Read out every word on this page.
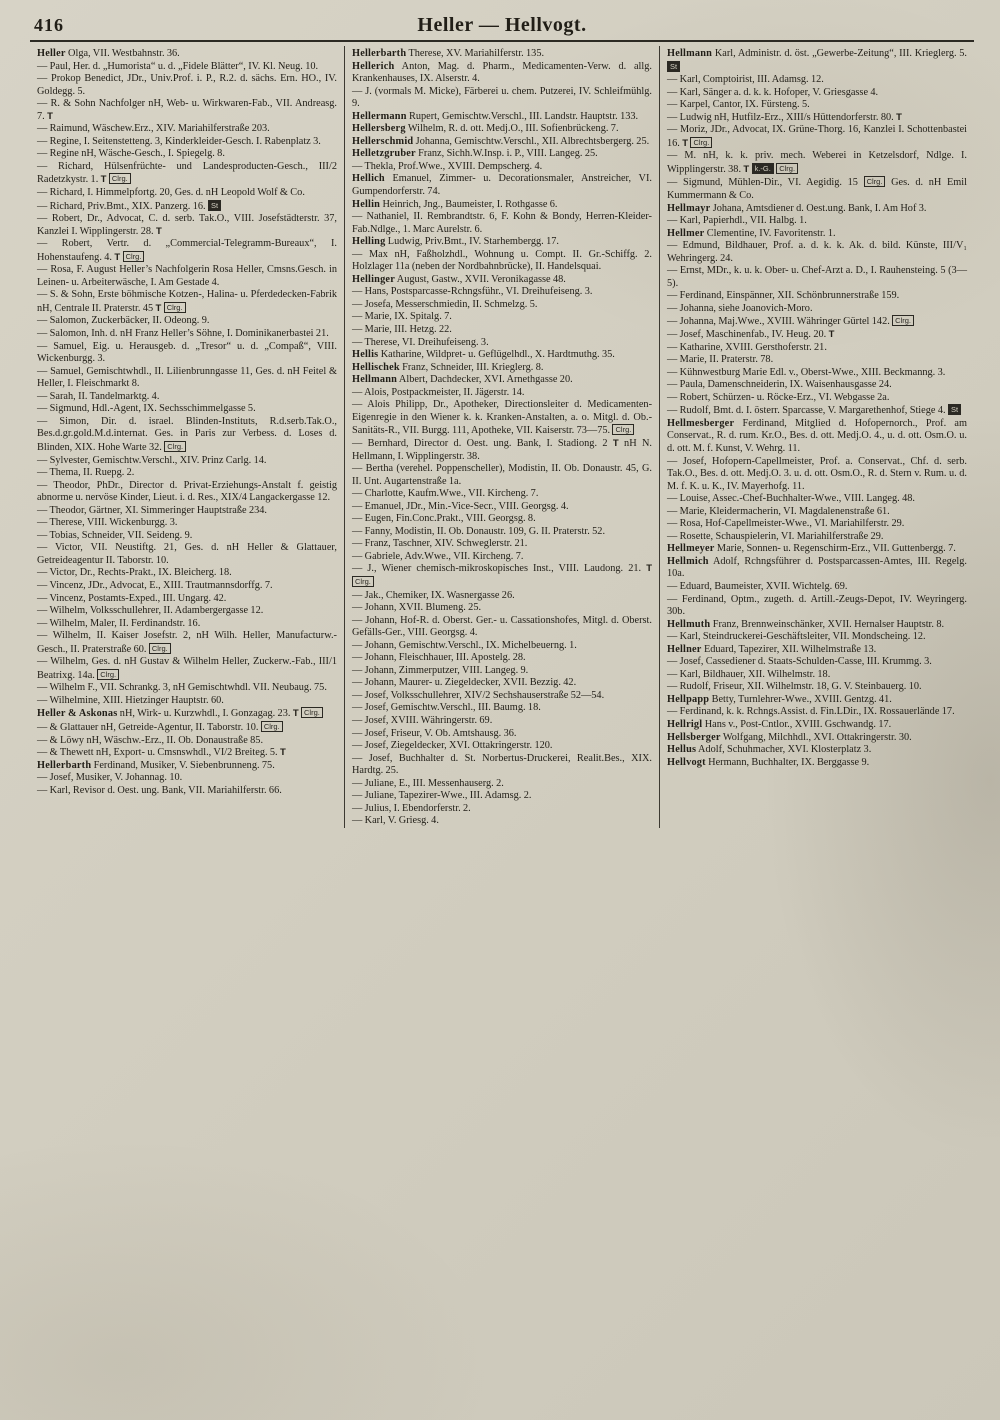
416	Heller — Hellvogt.

Heller Olga, VII. Westbahnstr. 36.

— Paul, Her. d. „Humorista“ u. d. „Fidele Blätter“, IV. Kl. Neug. 10.

— Prokop Benedict, JDr., Univ.Prof. i. P., R.2. d. sächs. Ern. HO., IV. Goldegg. 5.

— R. & Sohn Nachfolger nH, Web- u. Wirkwaren-Fab., VII. Andreasg. 7. T

— Raimund, Wäschew.Erz., XIV. Mariahilferstraße 203.

— Regine, I. Seitenstetteng. 3, Kinderkleider-Gesch. I. Rabenplatz 3.

— Regine nH, Wäsche-Gesch., I. Spiegelg. 8.

— Richard, Hülsenfrüchte- und Landesproducten-Gesch., III/2 Radetzkystr. 1. T Clrg.

— Richard, I. Himmelpfortg. 20, Ges. d. nH Leopold Wolf & Co.

— Richard, Priv.Bmt., XIX. Panzerg. 16. St

— Robert, Dr., Advocat, C. d. serb. Tak.O., VIII. Josefstädterstr. 37, Kanzlei I. Wipplingerstr. 28. T

— Robert, Vertr. d. „Commercial-Telegramm-Bureaux“, I. Hohenstaufeng. 4. T Clrg.

— Rosa, F. August Heller’s Nachfolgerin Rosa Heller, Cmsns.Gesch. in Leinen- u. Arbeiterwäsche, I. Am Gestade 4.

— S. & Sohn, Erste böhmische Kotzen-, Halina- u. Pferdedecken-Fabrik nH, Centrale II. Praterstr. 45 T Clrg.

— Salomon, Zuckerbäcker, II. Odeong. 9.

— Salomon, Inh. d. nH Franz Heller’s Söhne, I. Dominikanerbastei 21.

— Samuel, Eig. u. Herausgeb. d. „Tresor“ u. d. „Compaß“, VIII. Wickenburgg. 3.

— Samuel, Gemischtwhdl., II. Lilienbrunngasse 11, Ges. d. nH Feitel & Heller, I. Fleischmarkt 8.

— Sarah, II. Tandelmarktg. 4.

— Sigmund, Hdl.-Agent, IX. Sechsschimmelgasse 5.

— Simon, Dir. d. israel. Blinden-Instituts, R.d.serb.Tak.O., Bes.d.gr.gold.M.d.internat. Ges. in Paris zur Verbess. d. Loses d. Blinden, XIX. Hohe Warte 32. Clrg.

— Sylvester, Gemischtw.Verschl., XIV. Prinz Carlg. 14.

— Thema, II. Ruepg. 2.

— Theodor, PhDr., Director d. Privat-Erziehungs-Anstalt f. geistig abnorme u. nervöse Kinder, Lieut. i. d. Res., XIX/4 Langackergasse 12.

— Theodor, Gärtner, XI. Simmeringer Hauptstraße 234.

— Therese, VIII. Wickenburgg. 3.

— Tobias, Schneider, VII. Seideng. 9.

— Victor, VII. Neustiftg. 21, Ges. d. nH Heller & Glattauer, Getreideagentur II. Taborstr. 10.

— Victor, Dr., Rechts-Prakt., IX. Bleicherg. 18.

— Vincenz, JDr., Advocat, E., XIII. Trautmannsdorffg. 7.

— Vincenz, Postamts-Exped., III. Ungarg. 42.

— Wilhelm, Volksschullehrer, II. Adambergergasse 12.

— Wilhelm, Maler, II. Ferdinandstr. 16.

— Wilhelm, II. Kaiser Josefstr. 2, nH Wilh. Heller, Manufacturw.-Gesch., II. Praterstraße 60. Clrg.

— Wilhelm, Ges. d. nH Gustav & Wilhelm Heller, Zuckerw.-Fab., III/1 Beatrixg. 14a. Clrg.

— Wilhelm F., VII. Schrankg. 3, nH Gemischtwhdl. VII. Neubaug. 75.

— Wilhelmine, XIII. Hietzinger Hauptstr. 60.

Heller & Askonas nH, Wirk- u. Kurzwhdl., I. Gonzagag. 23. T Clrg.

— & Glattauer nH, Getreide-Agentur, II. Taborstr. 10. Clrg.

— & Löwy nH, Wäschw.-Erz., II. Ob. Donaustraße 85.

— & Thewett nH, Export- u. Cmsnswhdl., VI/2 Breiteg. 5. T

Hellerbarth Ferdinand, Musiker, V. Siebenbrunneng. 75.

— Josef, Musiker, V. Johannag. 10.

— Karl, Revisor d. Oest. ung. Bank, VII. Mariahilferstr. 66.

Hellerbarth Therese, XV. Mariahilferstr. 135.

Hellerich Anton, Mag. d. Pharm., Medicamenten-Verw. d. allg. Krankenhauses, IX. Alserstr. 4.

— J. (vormals M. Micke), Färberei u. chem. Putzerei, IV. Schleifmühlg. 9.

Hellermann Rupert, Gemischtw.Verschl., III. Landstr. Hauptstr. 133.

Hellersberg Wilhelm, R. d. ott. Medj.O., III. Sofienbrückeng. 7.

Hellerschmid Johanna, Gemischtw.Verschl., XII. Albrechtsbergerg. 25.

Helletzgruber Franz, Sichh.W.Insp. i. P., VIII. Langeg. 25.

— Thekla, Prof.Wwe., XVIII. Dempscherg. 4.

Hellich Emanuel, Zimmer- u. Decorationsmaler, Anstreicher, VI. Gumpendorferstr. 74.

Hellin Heinrich, Jng., Baumeister, I. Rothgasse 6.

— Nathaniel, II. Rembrandtstr. 6, F. Kohn & Bondy, Herren-Kleider-Fab.Ndlge., 1. Marc Aurelstr. 6.

Helling Ludwig, Priv.Bmt., IV. Starhembergg. 17.

— Max nH, Faßholzhdl., Wohnung u. Compt. II. Gr.-Schiffg. 2. Holzlager 11a (neben der Nordbahnbrücke), II. Handelsquai.

Hellinger August, Gastw., XVII. Veronikagasse 48.

— Hans, Postsparcasse-Rchngsführ., VI. Dreihufeiseng. 3.

— Josefa, Messerschmiedin, II. Schmelzg. 5.

— Marie, IX. Spitalg. 7.

— Marie, III. Hetzg. 22.

— Therese, VI. Dreihufeiseng. 3.

Hellis Katharine, Wildpret- u. Geflügelhdl., X. Hardtmuthg. 35.

Hellischek Franz, Schneider, III. Krieglerg. 8.

Hellmann Albert, Dachdecker, XVI. Arnethgasse 20.

— Alois, Postpackmeister, II. Jägerstr. 14.

— Alois Philipp, Dr., Apotheker, Directionsleiter d. Medicamenten-Eigenregie in den Wiener k. k. Kranken-Anstalten, a. o. Mitgl. d. Ob.-Sanitäts-R., VII. Burgg. 111, Apotheke, VII. Kaiserstr. 73—75. Clrg.

— Bernhard, Director d. Oest. ung. Bank, I. Stadiong. 2 T nH N. Hellmann, I. Wipplingerstr. 38.

— Bertha (verehel. Poppenscheller), Modistin, II. Ob. Donaustr. 45, G. II. Unt. Augartenstraße 1a.

— Charlotte, Kaufm.Wwe., VII. Kircheng. 7.

— Emanuel, JDr., Min.-Vice-Secr., VIII. Georgsg. 4.

— Eugen, Fin.Conc.Prakt., VIII. Georgsg. 8.

— Fanny, Modistin, II. Ob. Donaustr. 109, G. II. Praterstr. 52.

— Franz, Taschner, XIV. Schweglerstr. 21.

— Gabriele, Adv.Wwe., VII. Kircheng. 7.

— J., Wiener chemisch-mikroskopisches Inst., VIII. Laudong. 21. T Clrg.

— Jak., Chemiker, IX. Wasnergasse 26.

— Johann, XVII. Blumeng. 25.

— Johann, Hof-R. d. Oberst. Ger.- u. Cassationshofes, Mitgl. d. Oberst. Gefälls-Ger., VIII. Georgsg. 4.

— Johann, Gemischtw.Verschl., IX. Michelbeuerng. 1.

— Johann, Fleischhauer, III. Apostelg. 28.

— Johann, Zimmerputzer, VIII. Langeg. 9.

— Johann, Maurer- u. Ziegeldecker, XVII. Bezzig. 42.

— Josef, Volksschullehrer, XIV/2 Sechshauserstraße 52—54.

— Josef, Gemischtw.Verschl., III. Baumg. 18.

— Josef, XVIII. Währingerstr. 69.

— Josef, Friseur, V. Ob. Amtshausg. 36.

— Josef, Ziegeldecker, XVI. Ottakringerstr. 120.

— Josef, Buchhalter d. St. Norbertus-Druckerei, Realit.Bes., XIX. Hardtg. 25.

— Juliane, E., III. Messenhauserg. 2.

— Juliane, Tapezirer-Wwe., III. Adamsg. 2.

— Julius, I. Ebendorferstr. 2.

— Karl, V. Griesg. 4.

Hellmann Karl, Administr. d. öst. „Gewerbe-Zeitung“, III. Krieglerg. 5. St

— Karl, Comptoirist, III. Adamsg. 12.

— Karl, Sänger a. d. k. k. Hofoper, V. Griesgasse 4.

— Karpel, Cantor, IX. Fürsteng. 5.

— Ludwig nH, Hutfilz-Erz., XIII/s Hüttendorferstr. 80. T

— Moriz, JDr., Advocat, IX. Grüne-Thorg. 16, Kanzlei I. Schottenbastei 16. T Clrg.

— M. nH, k. k. priv. mech. Weberei in Ketzelsdorf, Ndlge. I. Wipplingerstr. 38. T k.-G. Clrg.

— Sigmund, Mühlen-Dir., VI. Aegidig. 15 Clrg. Ges. d. nH Emil Kummermann & Co.

Hellmayr Johana, Amtsdiener d. Oest.ung. Bank, I. Am Hof 3.

— Karl, Papierhdl., VII. Halbg. 1.

Hellmer Clementine, IV. Favoritenstr. 1.

— Edmund, Bildhauer, Prof. a. d. k. k. Ak. d. bild. Künste, III/V₁ Wehringerg. 24.

— Ernst, MDr., k. u. k. Ober- u. Chef-Arzt a. D., I. Rauhensteing. 5 (3—5).

— Ferdinand, Einspänner, XII. Schönbrunnerstraße 159.

— Johanna, siehe Joanovich-Moro.

— Johanna, Maj.Wwe., XVIII. Währinger Gürtel 142. Clrg.

— Josef, Maschinenfab., IV. Heug. 20. T

— Katharine, XVIII. Gersthoferstr. 21.

— Marie, II. Praterstr. 78.

— Kühnwestburg Marie Edl. v., Oberst-Wwe., XIII. Beckmanng. 3.

— Paula, Damenschneiderin, IX. Waisenhausgasse 24.

— Robert, Schürzen- u. Röcke-Erz., VI. Webgasse 2a.

— Rudolf, Bmt. d. I. österr. Sparcasse, V. Margarethenhof, Stiege 4. St

Hellmesberger Ferdinand, Mitglied d. Hofopernorch., Prof. am Conservat., R. d. rum. Kr.O., Bes. d. ott. Medj.O. 4., u. d. ott. Osm.O. u. d. ott. M. f. Kunst, V. Wehrg. 11.

— Josef, Hofopern-Capellmeister, Prof. a. Conservat., Chf. d. serb. Tak.O., Bes. d. ott. Medj.O. 3. u. d. ott. Osm.O., R. d. Stern v. Rum. u. d. M. f. K. u. K., IV. Mayerhofg. 11.

— Louise, Assec.-Chef-Buchhalter-Wwe., VIII. Langeg. 48.

— Marie, Kleidermacherin, VI. Magdalenenstraße 61.

— Rosa, Hof-Capellmeister-Wwe., VI. Mariahilferstr. 29.

— Rosette, Schauspielerin, VI. Mariahilferstraße 29.

Hellmeyer Marie, Sonnen- u. Regenschirm-Erz., VII. Guttenbergg. 7.

Hellmich Adolf, Rchngsführer d. Postsparcassen-Amtes, III. Regelg. 10a.

— Eduard, Baumeister, XVII. Wichtelg. 69.

— Ferdinand, Optm., zugeth. d. Artill.-Zeugs-Depot, IV. Weyringerg. 30b.

Hellmuth Franz, Brennweinschänker, XVII. Hernalser Hauptstr. 8.

— Karl, Steindruckerei-Geschäftsleiter, VII. Mondscheing. 12.

Hellner Eduard, Tapezirer, XII. Wilhelmstraße 13.

— Josef, Cassediener d. Staats-Schulden-Casse, III. Krummg. 3.

— Karl, Bildhauer, XII. Wilhelmstr. 18.

— Rudolf, Friseur, XII. Wilhelmstr. 18, G. V. Steinbauerg. 10.

Hellpapp Betty, Turnlehrer-Wwe., XVIII. Gentzg. 41.

— Ferdinand, k. k. Rchngs.Assist. d. Fin.LDir., IX. Rossauerlände 17.

Hellrigl Hans v., Post-Cntlor., XVIII. Gschwandg. 17.

Hellsberger Wolfgang, Milchhdl., XVI. Ottakringerstr. 30.

Hellus Adolf, Schuhmacher, XVI. Klosterplatz 3.

Hellvogt Hermann, Buchhalter, IX. Berggasse 9.
